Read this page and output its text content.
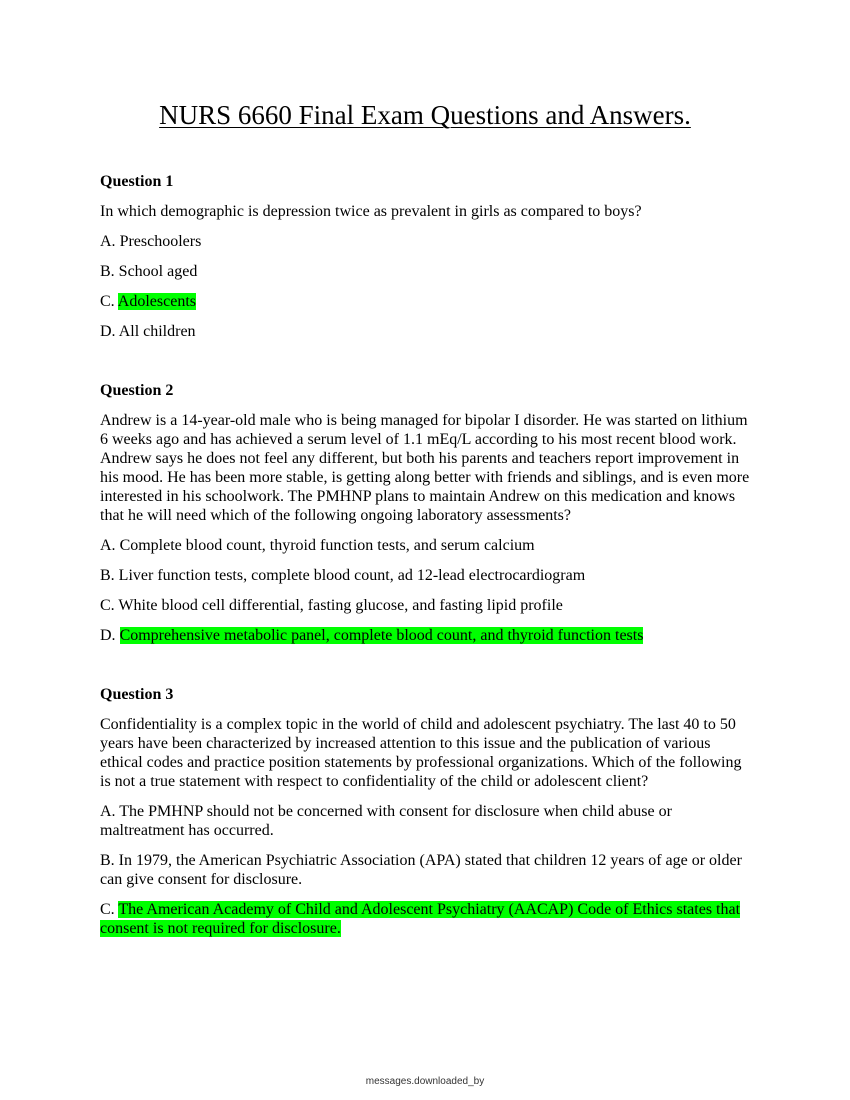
NURS 6660 Final Exam Questions and Answers.

Question 1

In which demographic is depression twice as prevalent in girls as compared to boys?

A. Preschoolers

B. School aged

C. Adolescents

D. All children

Question 2

Andrew is a 14-year-old male who is being managed for bipolar I disorder. He was started on lithium 6 weeks ago and has achieved a serum level of 1.1 mEq/L according to his most recent blood work. Andrew says he does not feel any different, but both his parents and teachers report improvement in his mood. He has been more stable, is getting along better with friends and siblings, and is even more interested in his schoolwork. The PMHNP plans to maintain Andrew on this medication and knows that he will need which of the following ongoing laboratory assessments?

A. Complete blood count, thyroid function tests, and serum calcium

B. Liver function tests, complete blood count, ad 12-lead electrocardiogram

C. White blood cell differential, fasting glucose, and fasting lipid profile

D. Comprehensive metabolic panel, complete blood count, and thyroid function tests

Question 3

Confidentiality is a complex topic in the world of child and adolescent psychiatry. The last 40 to 50 years have been characterized by increased attention to this issue and the publication of various ethical codes and practice position statements by professional organizations. Which of the following is not a true statement with respect to confidentiality of the child or adolescent client?

A. The PMHNP should not be concerned with consent for disclosure when child abuse or maltreatment has occurred.

B. In 1979, the American Psychiatric Association (APA) stated that children 12 years of age or older can give consent for disclosure.

C. The American Academy of Child and Adolescent Psychiatry (AACAP) Code of Ethics states that consent is not required for disclosure.

messages.downloaded_by
